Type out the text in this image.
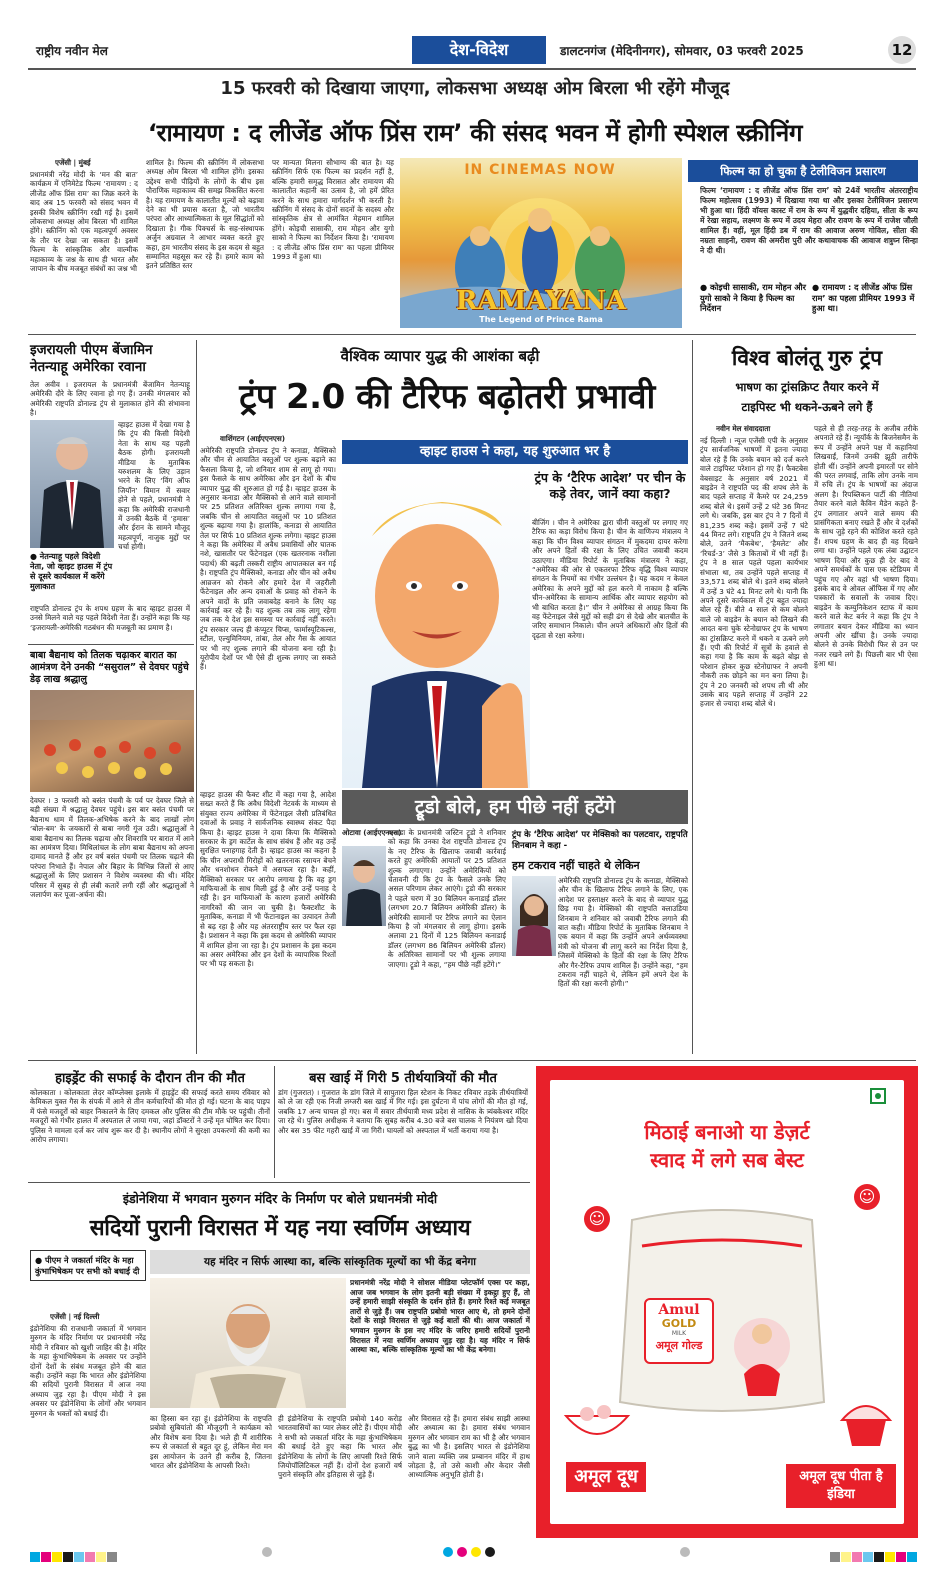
राष्ट्रीय नवीन मेल	देश-विदेश	डालटनगंज (मेदिनीनगर), सोमवार, 03 फरवरी 2025	12
15 फरवरी को दिखाया जाएगा, लोकसभा अध्यक्ष ओम बिरला भी रहेंगे मौजूद
‘रामायण : द लीजेंड ऑफ प्रिंस राम’ की संसद भवन में होगी स्पेशल स्क्रीनिंग
एजेंसी | मुंबई
प्रधानमंत्री नरेंद्र मोदी के ‘मन की बात’ कार्यक्रम में एनिमेटेड फिल्म ‘रामायण : द लीजेंड ऑफ प्रिंस राम’ का जिक्र करने के बाद अब 15 फरवरी को संसद भवन में इसकी विशेष स्क्रीनिंग रखी गई है। इसमें लोकसभा अध्यक्ष ओम बिरला भी शामिल होंगे। स्क्रीनिंग को एक महत्वपूर्ण अवसर के तौर पर देखा जा सकता है। इसमें फिल्म के सांस्कृतिक और वाल्मीक महाकाव्य के जश्न के साथ ही भारत और जापान के बीच मजबूत संबंधों का जश्न भी
शामिल है। फिल्म की स्क्रीनिंग में लोकसभा अध्यक्ष ओम बिरला भी शामिल होंगे। इसका उद्देश्य सभी पीढ़ियों के लोगों के बीच इस पौराणिक महाकाव्य की समझ विकसित करना है। यह रामायण के कालातीत मूल्यों को बढ़ावा देने का भी प्रयास करता है, जो भारतीय परंपरा और आध्यात्मिकता के मूल सिद्धांतों को दिखाता है। गीक पिक्चर्स के सह-संस्थापक अर्जुन अग्रवाल ने आभार व्यक्त करते हुए कहा, हम भारतीय संसद के इस कदम से बहुत सम्मानित महसूस कर रहे हैं। हमारे काम को इतने प्रतिष्ठित स्तर
पर मान्यता मिलना सौभाग्य की बात है। यह स्क्रीनिंग सिर्फ एक फिल्म का प्रदर्शन नहीं है, बल्कि हमारी समृद्ध विरासत और रामायण की कालातीत कहानी का उत्सव है, जो हमें प्रेरित करने के साथ हमारा मार्गदर्शन भी करती है। स्क्रीनिंग में संसद के दोनों सदनों के सदस्य और सांस्कृतिक क्षेत्र से आमंत्रित मेहमान शामिल होंगे। कोइची सासाकी, राम मोहन और युगो साको ने फिल्म का निर्देशन किया है। ‘रामायण : द लीजेंड ऑफ प्रिंस राम’ का पहला प्रीमियर 1993 में हुआ था।
IN CINEMAS NOW
RAMAYANA
The Legend of Prince Rama
फिल्म का हो चुका है टेलीविजन प्रसारण
फिल्म ‘रामायण : द लीजेंड ऑफ प्रिंस राम’ को 24वें भारतीय अंतरराष्ट्रीय फिल्म महोत्सव (1993) में दिखाया गया था और इसका टेलीविजन प्रसारण भी हुआ था। हिंदी वॉयस कास्ट में राम के रूप में युद्धवीर दहिया, सीता के रूप में रेखा सहाय, लक्ष्मण के रूप में उदय मेहरा और रावण के रूप में राजेश जौली शामिल हैं। वहीं, मूल हिंदी डब में राम की आवाज अरुण गोविल, सीता की नम्रता साहनी, रावण की अमरीश पुरी और कथावाचक की आवाज शत्रुघ्न सिन्हा ने दी थी।
● कोइची सासाकी, राम मोहन और युगो साको ने किया है फिल्म का निर्देशन
● रामायण : द लीजेंड ऑफ प्रिंस राम’ का पहला प्रीमियर 1993 में हुआ था।
इजरायली पीएम बेंजामिन नेतन्याहू अमेरिका रवाना
तेल अवीव । इजरायल के प्रधानमंत्री बेंजामिन नेतन्याहू अमेरिकी दौरे के लिए रवाना हो गए हैं। उनकी मंगलवार को अमेरिकी राष्ट्रपति डोनाल्ड ट्रंप से मुलाकात होने की संभावना है।
व्हाइट हाउस में देखा गया है कि ट्रंप की किसी विदेशी नेता के साथ यह पहली बैठक होगी। इजरायली मीडिया के मुताबिक यरुशलम के लिए उड़ान भरने के लिए ‘विंग ऑफ जियॉन’ विमान में सवार होने से पहले, प्रधानमंत्री ने कहा कि अमेरिकी राजधानी में उनकी बैठकें में ‘हमास’ और ईरान के सामने मौजूद महत्वपूर्ण, नाजुक मुद्दों पर चर्चा होगी।
● नेतन्याहू पहले विदेशी नेता, जो व्हाइट हाउस में ट्रंप से दूसरे कार्यकाल में करेंगे मुलाकात
राष्ट्रपति डोनाल्ड ट्रंप के शपथ ग्रहण के बाद व्हाइट हाउस में उनसे मिलने वाले यह पहले विदेशी नेता हैं। उन्होंने कहा कि यह ‘इजरायली-अमेरिकी गठबंधन की मजबूती का प्रमाण है।
बाबा बैद्यनाथ को तिलक चढ़ाकर बारात का आमंत्रण देने उनकी “ससुराल” से देवघर पहुंचे डेढ़ लाख श्रद्धालु
देवघर । 3 फरवरी को बसंत पंचमी के पर्व पर देवघर जिले से बड़ी संख्या में श्रद्धालु देवघर पहुंचे। इस बार बसंत पंचमी पर बैद्यनाथ धाम में तिलक-अभिषेक करने के बाद लाखों लोग ‘बोल-बम’ के जयकारों से बाबा नगरी गूंज उठी। श्रद्धालुओं ने बाबा बैद्यनाथ का तिलक चढ़ाया और शिवरात्रि पर बारात में आने का आमंत्रण दिया। मिथिलांचल के लोग बाबा बैद्यनाथ को अपना दामाद मानते हैं और हर वर्ष बसंत पंचमी पर तिलक चढ़ाने की परंपरा निभाते हैं। नेपाल और बिहार के विभिन्न जिलों से आए श्रद्धालुओं के लिए प्रशासन ने विशेष व्यवस्था की थी। मंदिर परिसर में सुबह से ही लंबी कतारें लगी रहीं और श्रद्धालुओं ने जलार्पण कर पूजा-अर्चना की।
वैश्विक व्यापार युद्ध की आशंका बढ़ी
ट्रंप 2.0 की टैरिफ बढ़ोतरी प्रभावी
वाशिंगटन (आईएएनएस)
अमेरिकी राष्ट्रपति डोनाल्ड ट्रंप ने कनाडा, मैक्सिको और चीन से आयातित वस्तुओं पर शुल्क बढ़ाने का फैसला किया है, जो शनिवार शाम से लागू हो गया। इस फैसले के साथ अमेरिका और इन देशों के बीच व्यापार युद्ध की शुरुआत हो गई है। व्हाइट हाउस के अनुसार कनाडा और मैक्सिको से आने वाले सामानों पर 25 प्रतिशत अतिरिक्त शुल्क लगाया गया है, जबकि चीन से आयातित वस्तुओं पर 10 प्रतिशत शुल्क बढ़ाया गया है। हालांकि, कनाडा से आयातित तेल पर सिर्फ 10 प्रतिशत शुल्क लगेगा। व्हाइट हाउस ने कहा कि अमेरिका में अवैध प्रवासियों और घातक नशे, खासतौर पर फेंटेनाइल (एक खतरनाक नशीला पदार्थ) की बढ़ती तस्करी राष्ट्रीय आपातकाल बन गई है। राष्ट्रपति ट्रंप मैक्सिको, कनाडा और चीन को अवैध आव्रजन को रोकने और हमारे देश में जहरीली फेंटेनाइल और अन्य दवाओं के प्रवाह को रोकने के अपने वादों के प्रति जवाबदेह बनाने के लिए यह कार्रवाई कर रहे हैं। यह शुल्क तब तक लागू रहेगा जब तक ये देश इस समस्या पर कार्रवाई नहीं करते। ट्रंप सरकार जल्द ही कंप्यूटर चिप्स, फार्मास्यूटिकल्स, स्टील, एल्युमिनियम, तांबा, तेल और गैस के आयात पर भी नए शुल्क लगाने की योजना बना रही है। यूरोपीय देशों पर भी ऐसे ही शुल्क लगाए जा सकते हैं।
व्हाइट हाउस ने कहा, यह शुरुआत भर है
ट्रंप के ‘टैरिफ आदेश’ पर चीन के कड़े तेवर, जानें क्या कहा?
बीजिंग । चीन ने अमेरिका द्वारा चीनी वस्तुओं पर लगाए गए टैरिफ का कड़ा विरोध किया है। चीन के वाणिज्य मंत्रालय ने कहा कि चीन विश्व व्यापार संगठन में मुकदमा दायर करेगा और अपने हितों की रक्षा के लिए उचित जवाबी कदम उठाएगा। मीडिया रिपोर्ट के मुताबिक मंत्रालय ने कहा, “अमेरिका की ओर से एकतरफा टैरिफ वृद्धि विश्व व्यापार संगठन के नियमों का गंभीर उल्लंघन है। यह कदम न केवल अमेरिका के अपने मुद्दों को हल करने में नाकाम है बल्कि चीन-अमेरिका के सामान्य आर्थिक और व्यापार सहयोग को भी बाधित करता है।” चीन ने अमेरिका से आग्रह किया कि वह फेंटेनाइल जैसे मुद्दों को सही ढंग से देखे और बातचीत के जरिए समाधान निकाले। चीन अपने अधिकारों और हितों की दृढ़ता से रक्षा करेगा।
ट्रूडो बोले, हम पीछे नहीं हटेंगे
व्हाइट हाउस की फैक्ट शीट में कहा गया है, आदेश सख्त करते हैं कि अवैध विदेशी नेटवर्क के माध्यम से संयुक्त राज्य अमेरिका में फेंटेनाइल जैसी प्रतिबंधित दवाओं के प्रवाह ने सार्वजनिक स्वास्थ्य संकट पैदा किया है। व्हाइट हाउस ने दावा किया कि मैक्सिको सरकार के ड्रग कार्टेल के साथ संबंध हैं और वह उन्हें सुरक्षित पनाहगाह देती है। व्हाइट हाउस का कहना है कि चीन अपराधी गिरोहों को खतरनाक रसायन बेचने और धनशोधन रोकने में असफल रहा है। कहीं, मैक्सिको सरकार पर आरोप लगाया है कि वह ड्रग माफियाओं के साथ मिली हुई है और उन्हें पनाह दे रही है। इन माफियाओं के कारण हजारों अमेरिकी नागरिकों की जान जा चुकी है। फैक्टशीट के मुताबिक, कनाडा में भी फेंटानाइल का उत्पादन तेजी से बढ़ रहा है और यह अंतरराष्ट्रीय स्तर पर फैल रहा है। प्रशासन ने कहा कि इस कदम से अमेरिकी व्यापार में शामिल होना जा रहा है। ट्रंप प्रशासन के इस कदम का असर अमेरिका और इन देशों के व्यापारिक रिश्तों पर भी पड़ सकता है।
ओटावा (आईएएनएस)
कनाडा के प्रधानमंत्री जस्टिन ट्रूडो ने शनिवार को कहा कि उनका देश राष्ट्रपति डोनाल्ड ट्रंप के नए टैरिफ के खिलाफ जवाबी कार्रवाई करते हुए अमेरिकी आयातों पर 25 प्रतिशत शुल्क लगाएगा। उन्होंने अमेरिकियों को चेतावनी दी कि ट्रंप के फैसले उनके लिए असल परिणाम लेकर आएंगे। ट्रूडो की सरकार ने पहले चरण में 30 बिलियन कनाडाई डॉलर (लगभग 20.7 बिलियन अमेरिकी डॉलर) के अमेरिकी सामानों पर टैरिफ लगाने का ऐलान किया है जो मंगलवार से लागू होगा। इसके अलावा 21 दिनों में 125 बिलियन कनाडाई डॉलर (लगभग 86 बिलियन अमेरिकी डॉलर) के अतिरिक्त सामानों पर भी शुल्क लगाया जाएगा। ट्रूडो ने कहा, “हम पीछे नहीं हटेंगे।”
ट्रंप के ‘टैरिफ आदेश’ पर मेक्सिको का पलटवार, राष्ट्रपति शिनबाम ने कहा -
हम टकराव नहीं चाहते थे लेकिन
अमेरिकी राष्ट्रपति डोनाल्ड ट्रंप के कनाडा, मेक्सिको और चीन के खिलाफ टैरिफ लगाने के लिए, एक आदेश पर हस्ताक्षर करने के बाद से व्यापार युद्ध छिड़ गया है। मेक्सिको की राष्ट्रपति क्लाउडिया शिनबाम ने शनिवार को जवाबी टैरिफ लगाने की बात कही। मीडिया रिपोर्ट के मुताबिक शिनबाम ने एक बयान में कहा कि उन्होंने अपने अर्थव्यवस्था मंत्री को योजना बी लागू करने का निर्देश दिया है, जिसमें मेक्सिको के हितों की रक्षा के लिए टैरिफ और गैर-टैरिफ उपाय शामिल हैं। उन्होंने कहा, “हम टकराव नहीं चाहते थे, लेकिन हमें अपने देश के हितों की रक्षा करनी होगी।”
विश्व बोलंतू गुरु ट्रंप
भाषण का ट्रांसक्रिप्ट तैयार करने में
टाइपिस्ट भी थकने-ऊबने लगे हैं
नवीन मेल संवाददाता
नई दिल्ली । न्यूज एजेंसी एपी के अनुसार ट्रंप सार्वजनिक भाषणों में इतना ज्यादा बोल रहे हैं कि उनके बयान को दर्ज करने वाले टाइपिस्ट परेशान हो गए हैं। फैक्टबेस वेबसाइट के अनुसार वर्ष 2021 में बाइडेन ने राष्ट्रपति पद की शपथ लेने के बाद पहले सप्ताह में कैमरे पर 24,259 शब्द बोले थे। इसमें उन्हें 2 घंटे 36 मिनट लगे थे। जबकि, इस बार ट्रंप ने 7 दिनों में 81,235 शब्द कहे। इसमें उन्हें 7 घंटे 44 मिनट लगे। राष्ट्रपति ट्रंप ने जितने शब्द बोले, उतने ‘मैकबेथ’, ‘हैमलेट’ और ‘रिचर्ड-3’ जैसे 3 किताबों में भी नहीं हैं। ट्रंप ने 8 साल पहले पहला कार्यभार संभाला था, तब उन्होंने पहले सप्ताह में 33,571 शब्द बोले थे। इतने शब्द बोलने में उन्हें 3 घंटे 41 मिनट लगे थे। यानी कि अपने दूसरे कार्यकाल में ट्रंप बहुत ज्यादा बोल रहे हैं। बीते 4 साल से कम बोलने वाले जो बाइडेन के बयान को लिखने की आदत बना चुके स्टेनोग्राफर ट्रंप के भाषण का ट्रांसक्रिप्ट करने में थकने व ऊबने लगे हैं। एपी की रिपोर्ट में सूत्रों के हवाले से कहा गया है कि काम के बढ़ते बोझ से परेशान होकर कुछ स्टेनोग्राफर ने अपनी नौकरी तक छोड़ने का मन बना लिया है। ट्रंप ने 20 जनवरी को शपथ ली थी और उसके बाद पहले सप्ताह में उन्होंने 22 हजार से ज्यादा शब्द बोले थे।
पहले से ही तरह-तरह के अजीब तरीके अपनाते रहे हैं। न्यूयॉर्क के बिजनेसमैन के रूप में उन्होंने अपने पक्ष में कहानियां लिखवाईं, जिनमें उनकी झूठी तारीफें होती थीं। उन्होंने अपनी इमारतों पर सोने की परत लगवाई, ताकि लोग उनके नाम में रुचि लें। ट्रंप के भाषणों का अंदाज अलग है। रिपब्लिकन पार्टी की नीतियां तैयार करने वाले कैविन मैडेन कहते हैं- ट्रंप लगातार अपने वाले समय की प्रासंगिकता बनाए रखते हैं और वे दर्शकों के साथ जुड़े रहने की कोशिश करते रहते हैं। शपथ ग्रहण के बाद ही वह दिखने लगा था। उन्होंने पहले एक लंबा उद्घाटन भाषण दिया और कुछ ही देर बाद वे अपने समर्थकों के पास एक स्टेडियम में पहुंच गए और वहां भी भाषण दिया। इसके बाद वे ओवल ऑफिस में गए और पत्रकारों के सवालों के जवाब दिए। बाइडेन के कम्युनिकेशन स्टाफ में काम करने वाले केट बर्नर ने कहा कि ट्रंप ने लगातार बयान देकर मीडिया का ध्यान अपनी ओर खींचा है। उनके ज्यादा बोलने से उनके विरोधी फिर से उन पर नजर रखने लगे हैं। पिछली बार भी ऐसा हुआ था।
हाइड्रेंट की सफाई के दौरान तीन की मौत
कोलकाता । कोलकाता लेदर कॉम्प्लेक्स इलाके में हाइड्रेंट की सफाई करते समय रविवार को केमिकल युक्त गैस के संपर्क में आने से तीन कर्मचारियों की मौत हो गई। घटना के बाद पाइप में फंसे मजदूरों को बाहर निकालने के लिए दमकल और पुलिस की टीम मौके पर पहुंची। तीनों मजदूरों को गंभीर हालत में अस्पताल ले जाया गया, जहां डॉक्टरों ने उन्हें मृत घोषित कर दिया। पुलिस ने मामला दर्ज कर जांच शुरू कर दी है। स्थानीय लोगों ने सुरक्षा उपकरणों की कमी का आरोप लगाया।
बस खाई में गिरी 5 तीर्थयात्रियों की मौत
डांग (गुजरात) । गुजरात के डांग जिले में सापुतारा हिल स्टेशन के निकट रविवार तड़के तीर्थयात्रियों को ले जा रही एक निजी लग्जरी बस खाई में गिर गई। इस दुर्घटना में पांच लोगों की मौत हो गई, जबकि 17 अन्य घायल हो गए। बस में सवार तीर्थयात्री मध्य प्रदेश से नासिक के त्र्यंबकेश्वर मंदिर जा रहे थे। पुलिस अधीक्षक ने बताया कि सुबह करीब 4.30 बजे बस चालक ने नियंत्रण खो दिया और बस 35 फीट गहरी खाई में जा गिरी। घायलों को अस्पताल में भर्ती कराया गया है।
इंडोनेशिया में भगवान मुरुगन मंदिर के निर्माण पर बोले प्रधानमंत्री मोदी
सदियों पुरानी विरासत में यह नया स्वर्णिम अध्याय
● पीएम ने जकार्ता मंदिर के महा कुंभाभिषेकम पर सभी को बधाई दी
एजेंसी | नई दिल्ली
इंडोनेशिया की राजधानी जकार्ता में भगवान मुरुगन के मंदिर निर्माण पर प्रधानमंत्री नरेंद्र मोदी ने रविवार को खुशी जाहिर की है। मंदिर के महा कुंभाभिषेकम के अवसर पर उन्होंने दोनों देशों के संबंध मजबूत होने की बात कही। उन्होंने कहा कि भारत और इंडोनेशिया की सदियों पुरानी विरासत में आज नया अध्याय जुड़ रहा है। पीएम मोदी ने इस अवसर पर इंडोनेशिया के लोगों और भगवान मुरुगन के भक्तों को बधाई दी।
यह मंदिर न सिर्फ आस्था का, बल्कि सांस्कृतिक मूल्यों का भी केंद्र बनेगा
प्रधानमंत्री नरेंद्र मोदी ने सोशल मीडिया प्लेटफॉर्म एक्स पर कहा, आज जब भगवान के लोग इतनी बड़ी संख्या में इकट्ठा हुए हैं, तो उन्हें हमारी साझी संस्कृति के दर्शन होते हैं। हमारे रिश्ते कई मजबूत तारों से जुड़े हैं। जब राष्ट्रपति प्रबोवो भारत आए थे, तो हमने दोनों देशों के साझे विरासत से जुड़े कई बातों की थी। आज जकार्ता में भगवान मुरुगन के इस नए मंदिर के जरिए हमारी सदियों पुरानी विरासत में नया स्वर्णिम अध्याय जुड़ रहा है। यह मंदिर न सिर्फ आस्था का, बल्कि सांस्कृतिक मूल्यों का भी केंद्र बनेगा।
का हिस्सा बन रहा हूं। इंडोनेशिया के राष्ट्रपति प्रबोवो सुबियांतो की मौजूदगी ने कार्यक्रम को और विशेष बना दिया है। भले ही मैं शारीरिक रूप से जकार्ता से बहुत दूर हूं, लेकिन मेरा मन इस आयोजन के उतने ही करीब है, जितना भारत और इंडोनेशिया के आपसी रिश्ते।
ही इंडोनेशिया के राष्ट्रपति प्रबोवो 140 करोड़ भारतवासियों का प्यार लेकर लौटे हैं। पीएम मोदी ने सभी को जकार्ता मंदिर के महा कुंभाभिषेकम की बधाई देते हुए कहा कि भारत और इंडोनेशिया के लोगों के लिए आपसी रिश्ते सिर्फ जियोपॉलिटिकल नहीं हैं। दोनों देश हजारों वर्ष पुराने संस्कृति और इतिहास से जुड़े हैं।
और विरासत रहे हैं। हमारा संबंध साझी आस्था और अध्यात्म का है। हमारा संबंध भगवान मुरुगन और भगवान राम का भी है और भगवान बुद्ध का भी है। इसलिए भारत से इंडोनेशिया जाने वाला व्यक्ति जब प्रम्बानन मंदिर में हाथ जोड़ता है, तो उसे काशी और केदार जैसी आध्यात्मिक अनुभूति होती है।
मिठाई बनाओ या डेज़र्ट
स्वाद में लगे सब बेस्ट
☺
☺
Amul
GOLD
MILK
अमूल गोल्ड
अमूल दूध	अमूल दूध पीता है इंडिया
